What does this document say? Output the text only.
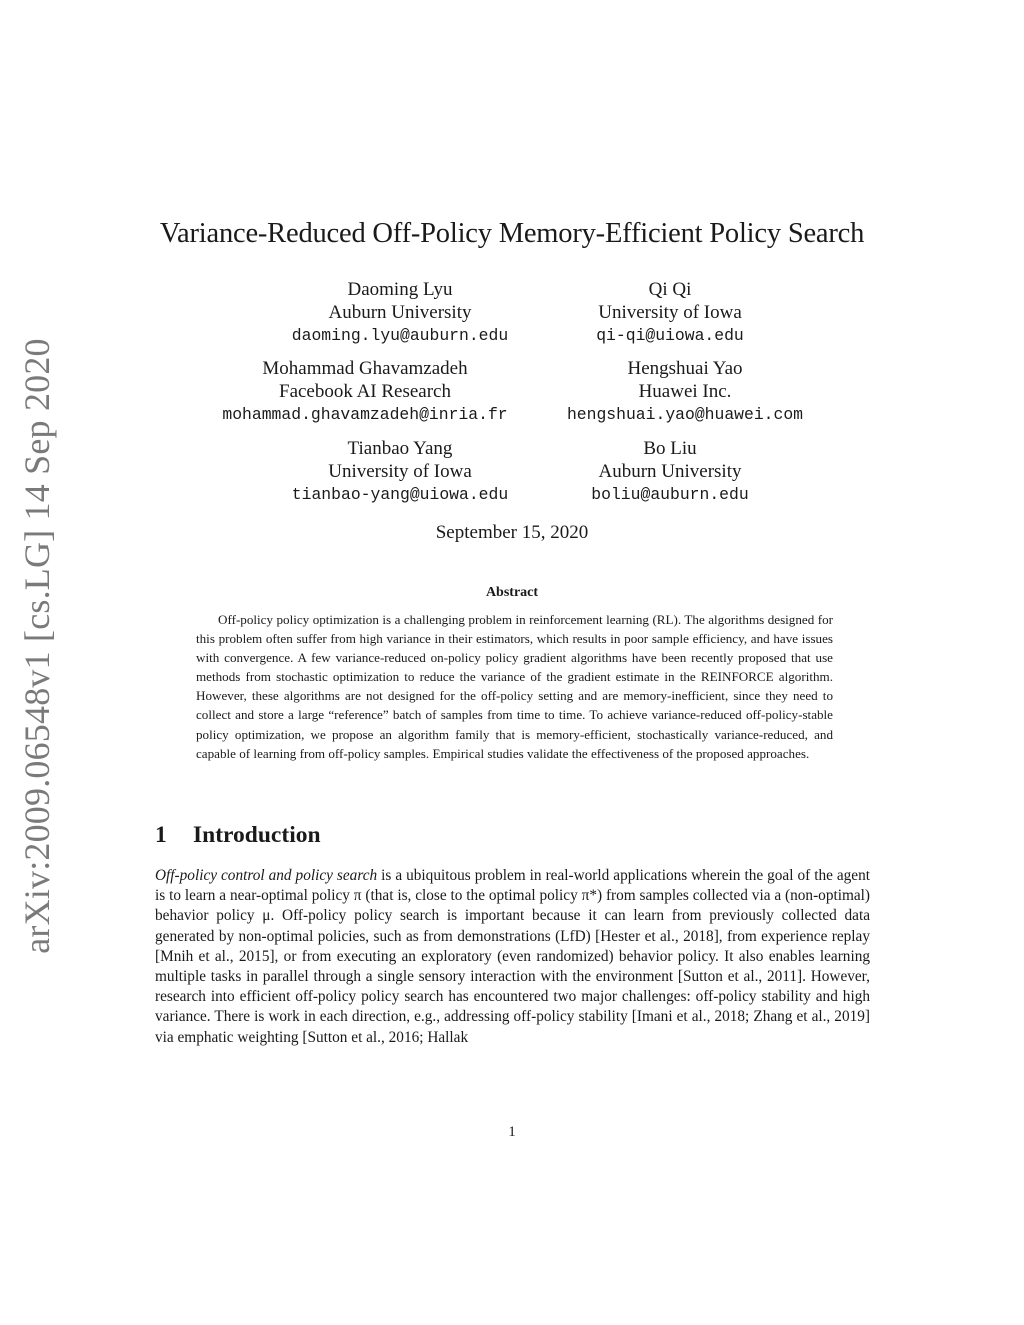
arXiv:2009.06548v1 [cs.LG] 14 Sep 2020
Variance-Reduced Off-Policy Memory-Efficient Policy Search
Daoming Lyu
Auburn University
daoming.lyu@auburn.edu
Qi Qi
University of Iowa
qi-qi@uiowa.edu
Mohammad Ghavamzadeh
Facebook AI Research
mohammad.ghavamzadeh@inria.fr
Hengshuai Yao
Huawei Inc.
hengshuai.yao@huawei.com
Tianbao Yang
University of Iowa
tianbao-yang@uiowa.edu
Bo Liu
Auburn University
boliu@auburn.edu
September 15, 2020
Abstract

Off-policy policy optimization is a challenging problem in reinforcement learning (RL). The algorithms designed for this problem often suffer from high variance in their estimators, which results in poor sample efficiency, and have issues with convergence. A few variance-reduced on-policy policy gradient algorithms have been recently proposed that use methods from stochastic optimization to reduce the variance of the gradient estimate in the REINFORCE algorithm. However, these algorithms are not designed for the off-policy setting and are memory-inefficient, since they need to collect and store a large “reference” batch of samples from time to time. To achieve variance-reduced off-policy-stable policy optimization, we propose an algorithm family that is memory-efficient, stochastically variance-reduced, and capable of learning from off-policy samples. Empirical studies validate the effectiveness of the proposed approaches.

1 Introduction

Off-policy control and policy search is a ubiquitous problem in real-world applications wherein the goal of the agent is to learn a near-optimal policy π (that is, close to the optimal policy π*) from samples collected via a (non-optimal) behavior policy μ. Off-policy policy search is important because it can learn from previously collected data generated by non-optimal policies, such as from demonstrations (LfD) [Hester et al., 2018], from experience replay [Mnih et al., 2015], or from executing an exploratory (even randomized) behavior policy. It also enables learning multiple tasks in parallel through a single sensory interaction with the environment [Sutton et al., 2011]. However, research into efficient off-policy policy search has encountered two major challenges: off-policy stability and high variance. There is work in each direction, e.g., addressing off-policy stability [Imani et al., 2018; Zhang et al., 2019] via emphatic weighting [Sutton et al., 2016; Hallak

1
